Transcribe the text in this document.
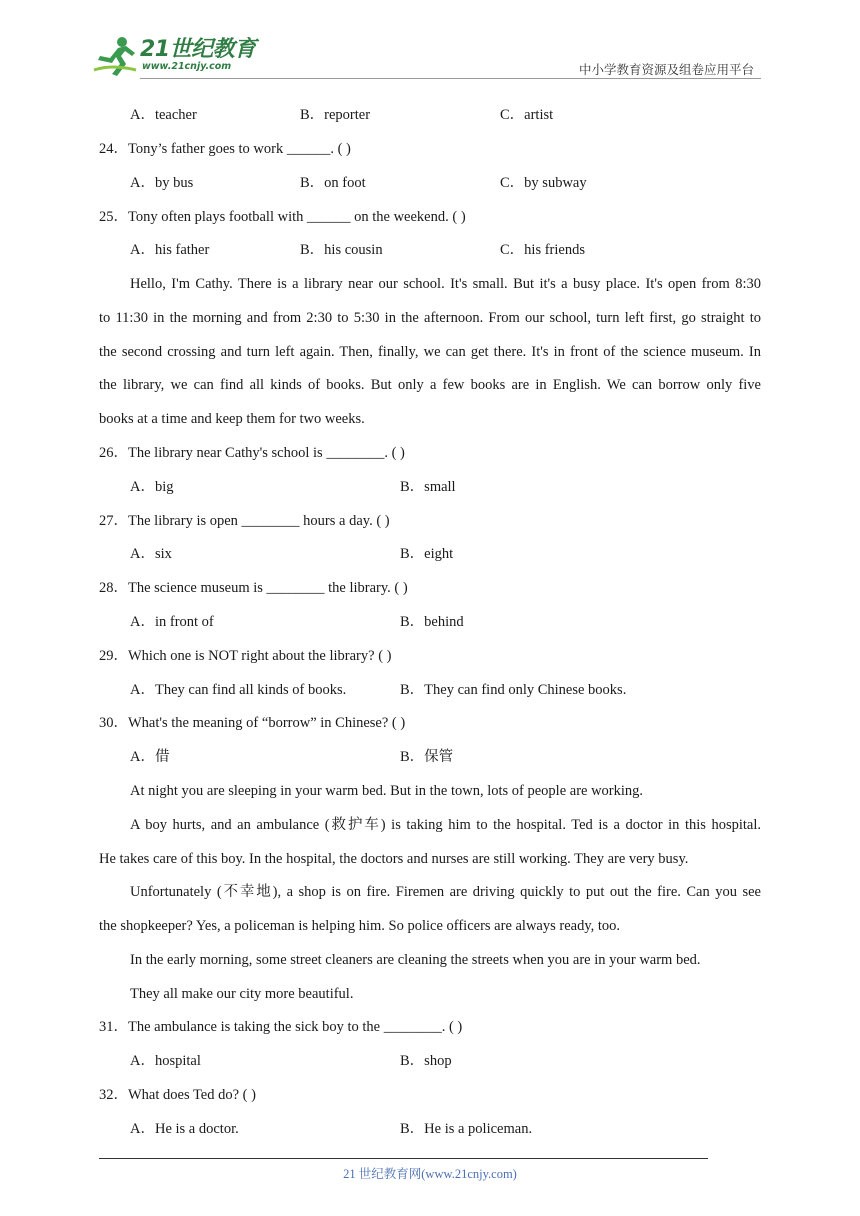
21世纪教育
www.21cnjy.com	中小学教育资源及组卷应用平台
A．teacher	B．reporter	C．artist
24．Tony’s father goes to work ______. ( )
A．by bus	B．on foot	C．by subway
25．Tony often plays football with ______ on the weekend. ( )
A．his father	B．his cousin	C．his friends
Hello, I'm Cathy. There is a library near our school. It's small. But it's a busy place. It's open from 8:30
to 11:30 in the morning and from 2:30 to 5:30 in the afternoon. From our school, turn left first, go straight to
the second crossing and turn left again. Then, finally, we can get there. It's in front of the science museum. In
the library, we can find all kinds of books. But only a few books are in English. We can borrow only five
books at a time and keep them for two weeks.
26．The library near Cathy's school is ________. ( )
A．big	B．small
27．The library is open ________ hours a day. ( )
A．six	B．eight
28．The science museum is ________ the library. ( )
A．in front of	B．behind
29．Which one is NOT right about the library? ( )
A．They can find all kinds of books.	B．They can find only Chinese books.
30．What's the meaning of “borrow” in Chinese? ( )
A．借	B．保管
At night you are sleeping in your warm bed. But in the town, lots of people are working.
A boy hurts, and an ambulance (救护车) is taking him to the hospital. Ted is a doctor in this hospital.
He takes care of this boy. In the hospital, the doctors and nurses are still working. They are very busy.
Unfortunately (不幸地), a shop is on fire. Firemen are driving quickly to put out the fire. Can you see
the shopkeeper? Yes, a policeman is helping him. So police officers are always ready, too.
In the early morning, some street cleaners are cleaning the streets when you are in your warm bed.
They all make our city more beautiful.
31．The ambulance is taking the sick boy to the ________. ( )
A．hospital	B．shop
32．What does Ted do? ( )
A．He is a doctor.	B．He is a policeman.
21 世纪教育网(www.21cnjy.com)
